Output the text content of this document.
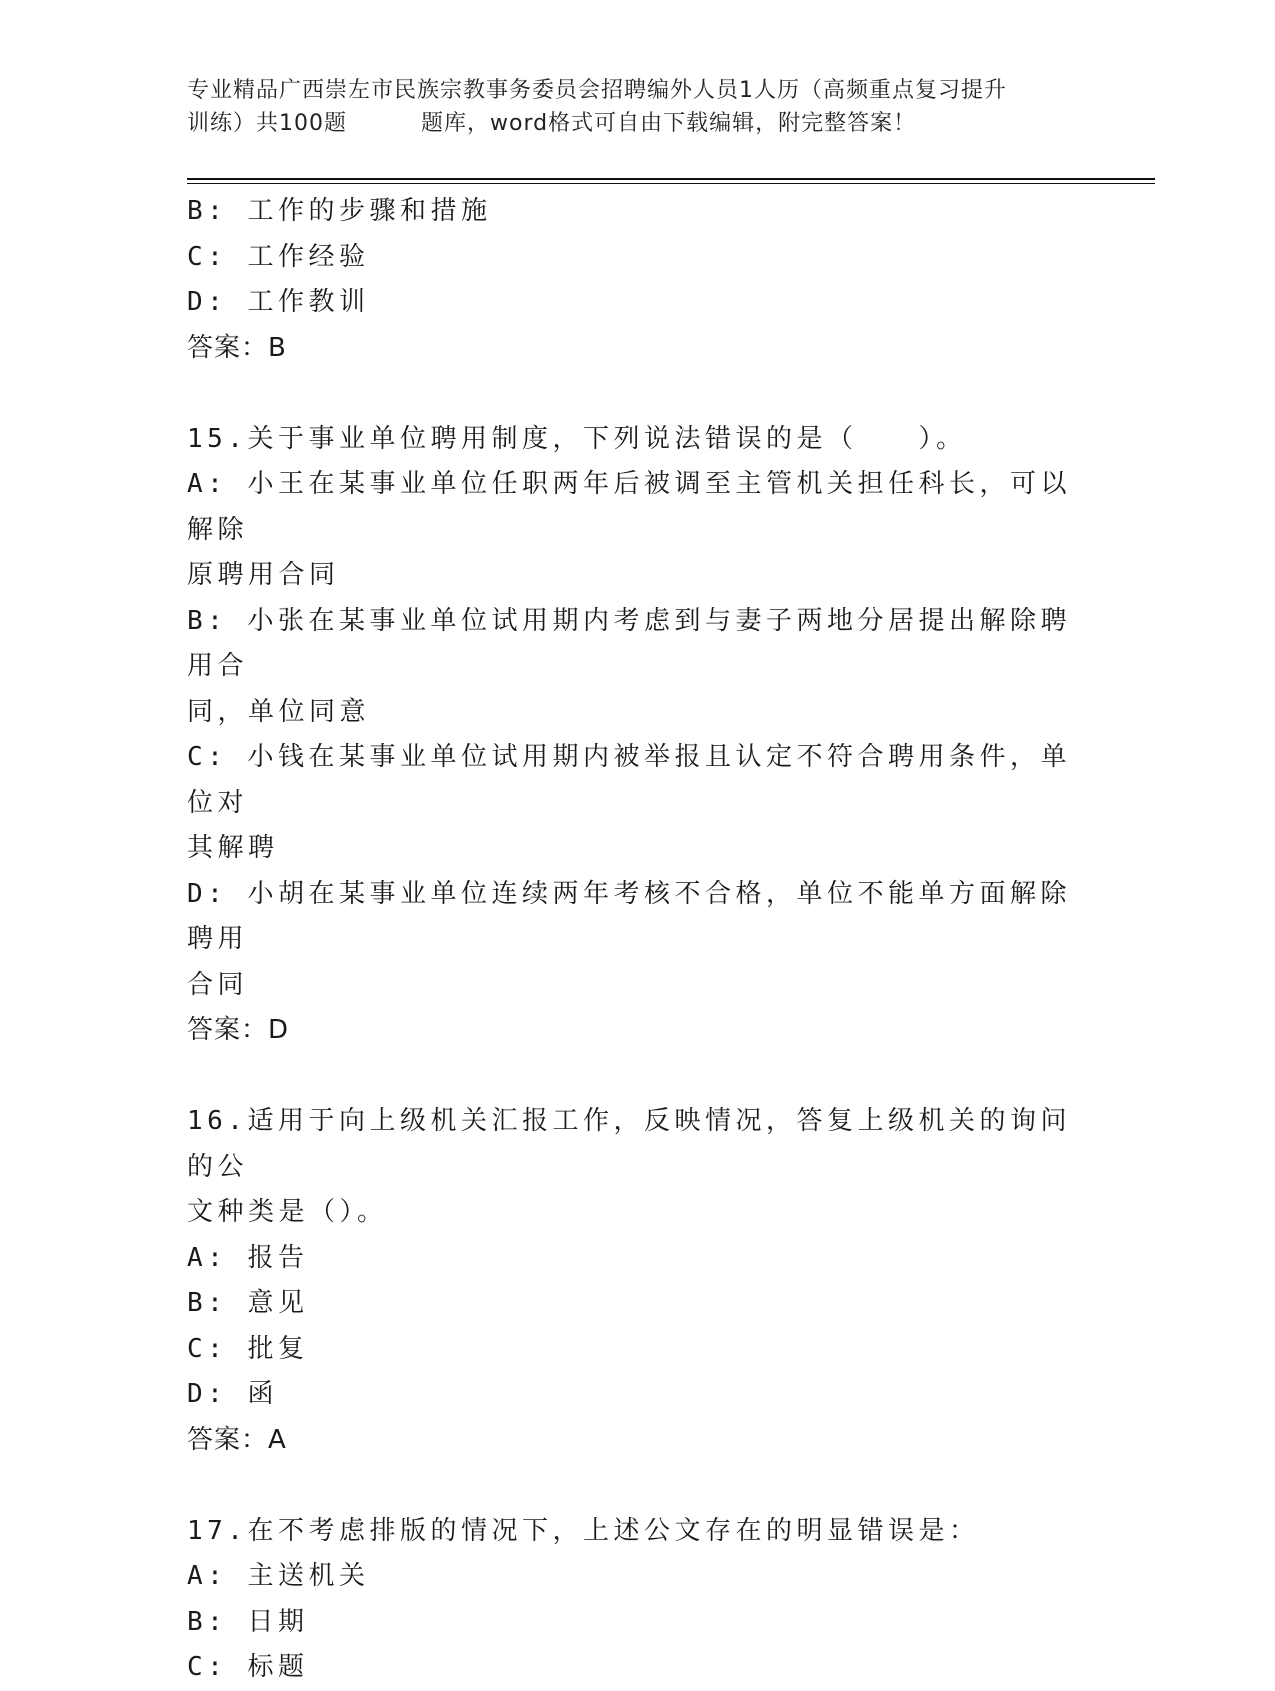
专业精品广西崇左市民族宗教事务委员会招聘编外人员1人历（高频重点复习提升
训练）共100题	题库，word格式可自由下载编辑，附完整答案！
B: 工作的步骤和措施
C: 工作经验
D: 工作教训
答案：B
15.关于事业单位聘用制度，下列说法错误的是（　　）。
A: 小王在某事业单位任职两年后被调至主管机关担任科长，可以解除
原聘用合同
B: 小张在某事业单位试用期内考虑到与妻子两地分居提出解除聘用合
同，单位同意
C: 小钱在某事业单位试用期内被举报且认定不符合聘用条件，单位对
其解聘
D: 小胡在某事业单位连续两年考核不合格，单位不能单方面解除聘用
合同
答案：D
16.适用于向上级机关汇报工作，反映情况，答复上级机关的询问的公
文种类是（）。
A: 报告
B: 意见
C: 批复
D: 函
答案：A
17.在不考虑排版的情况下，上述公文存在的明显错误是：
A: 主送机关
B: 日期
C: 标题
